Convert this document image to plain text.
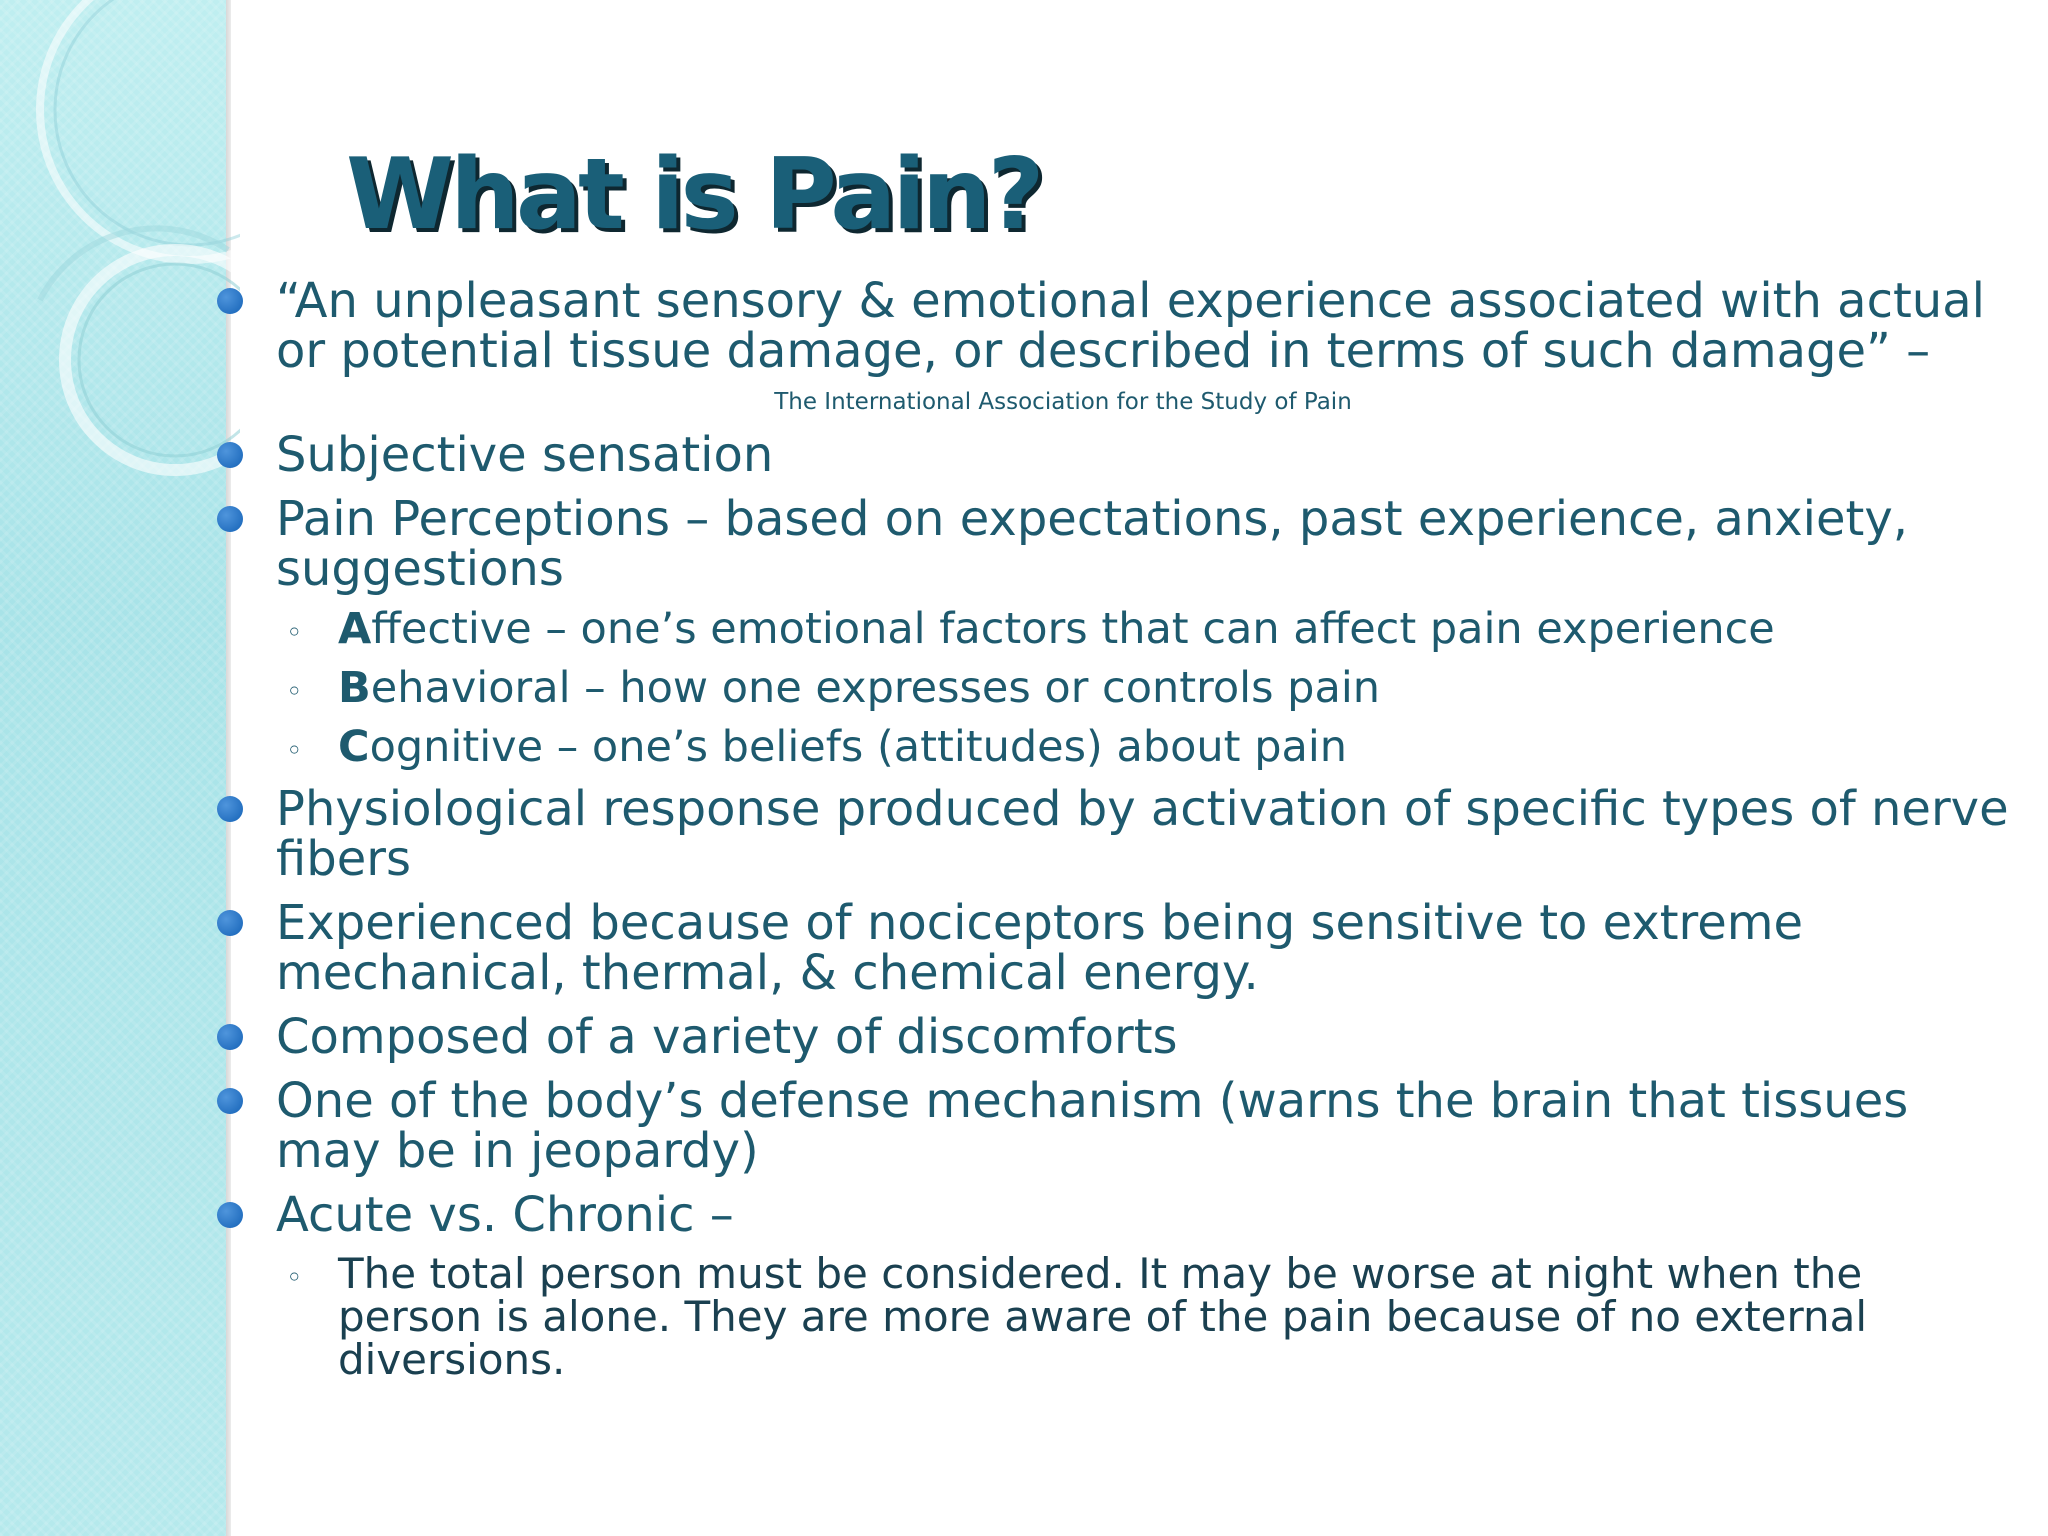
What is Pain?
“An unpleasant sensory & emotional experience associated with actual or potential tissue damage, or described in terms of such damage” –
The International Association for the Study of Pain
Subjective sensation
Pain Perceptions – based on expectations, past experience, anxiety, suggestions
◦ Affective – one’s emotional factors that can affect pain experience
◦ Behavioral – how one expresses or controls pain
◦ Cognitive – one’s beliefs (attitudes) about pain
Physiological response produced by activation of specific types of nerve fibers
Experienced because of nociceptors being sensitive to extreme mechanical, thermal, & chemical energy.
Composed of a variety of discomforts
One of the body’s defense mechanism (warns the brain that tissues may be in jeopardy)
Acute vs. Chronic –
◦ The total person must be considered. It may be worse at night when the person is alone. They are more aware of the pain because of no external diversions.
